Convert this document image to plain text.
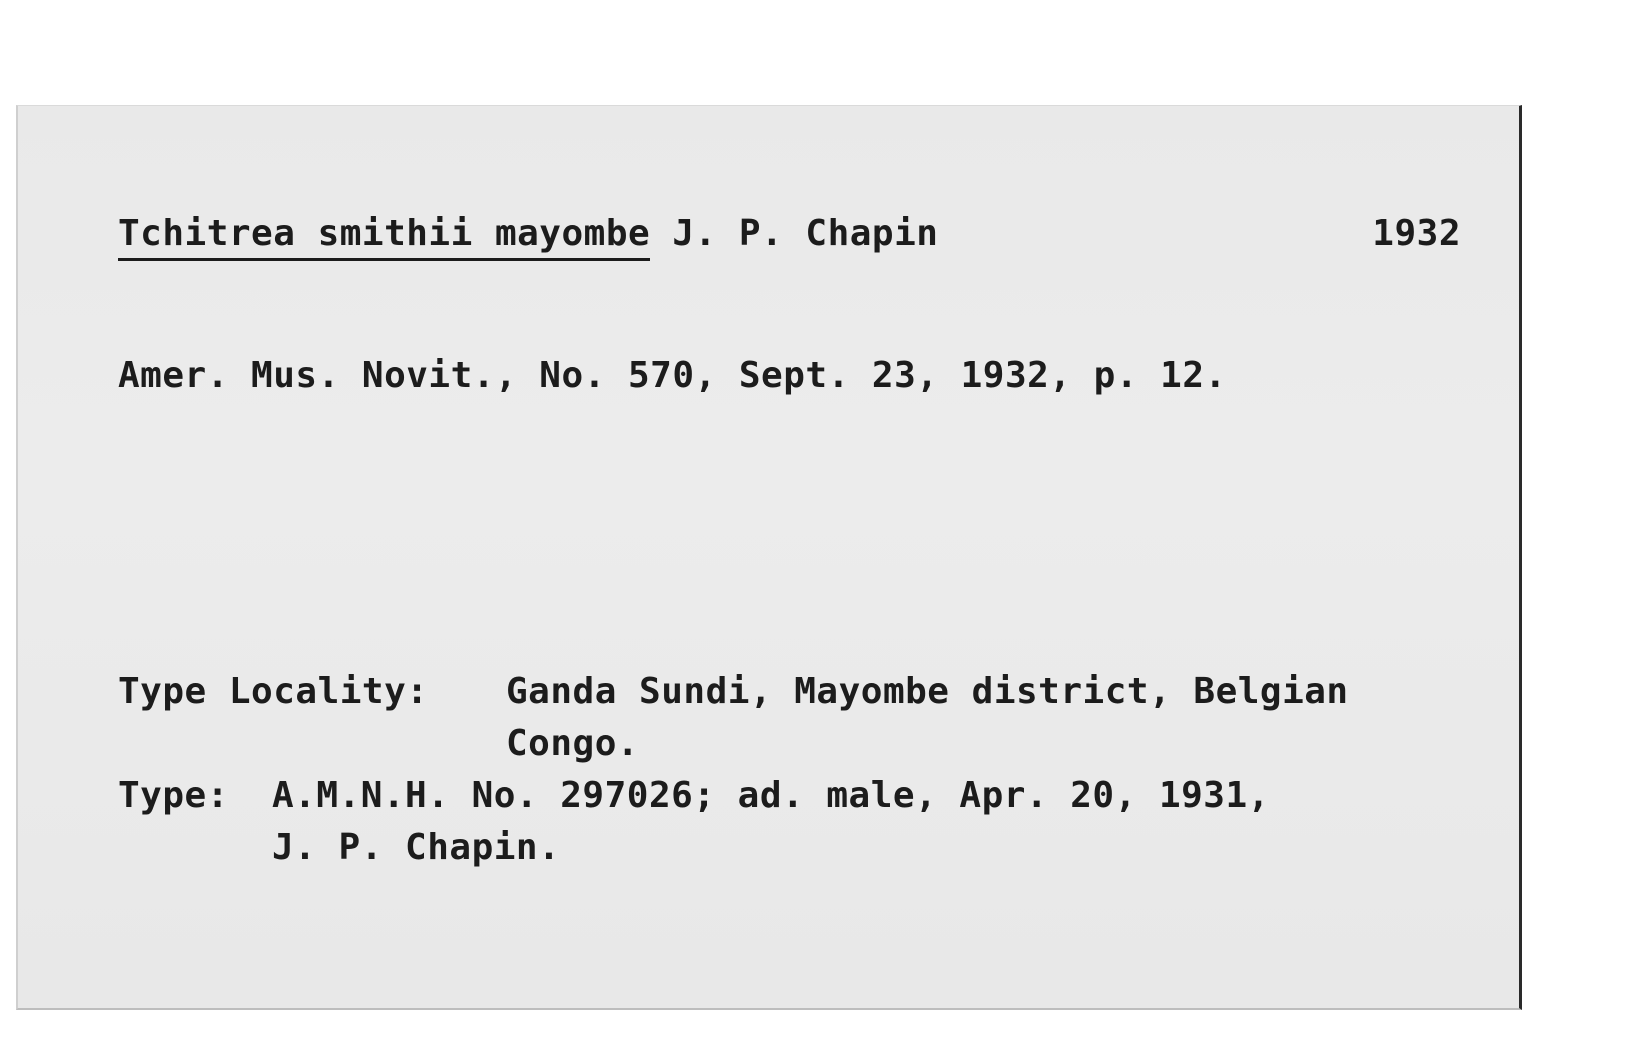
Tchitrea smithii mayombe J. P. Chapin	1932
Amer. Mus. Novit., No. 570, Sept. 23, 1932, p. 12.
Type Locality: Ganda Sundi, Mayombe district, Belgian
Congo.
Type: A.M.N.H. No. 297026; ad. male, Apr. 20, 1931,
J. P. Chapin.
